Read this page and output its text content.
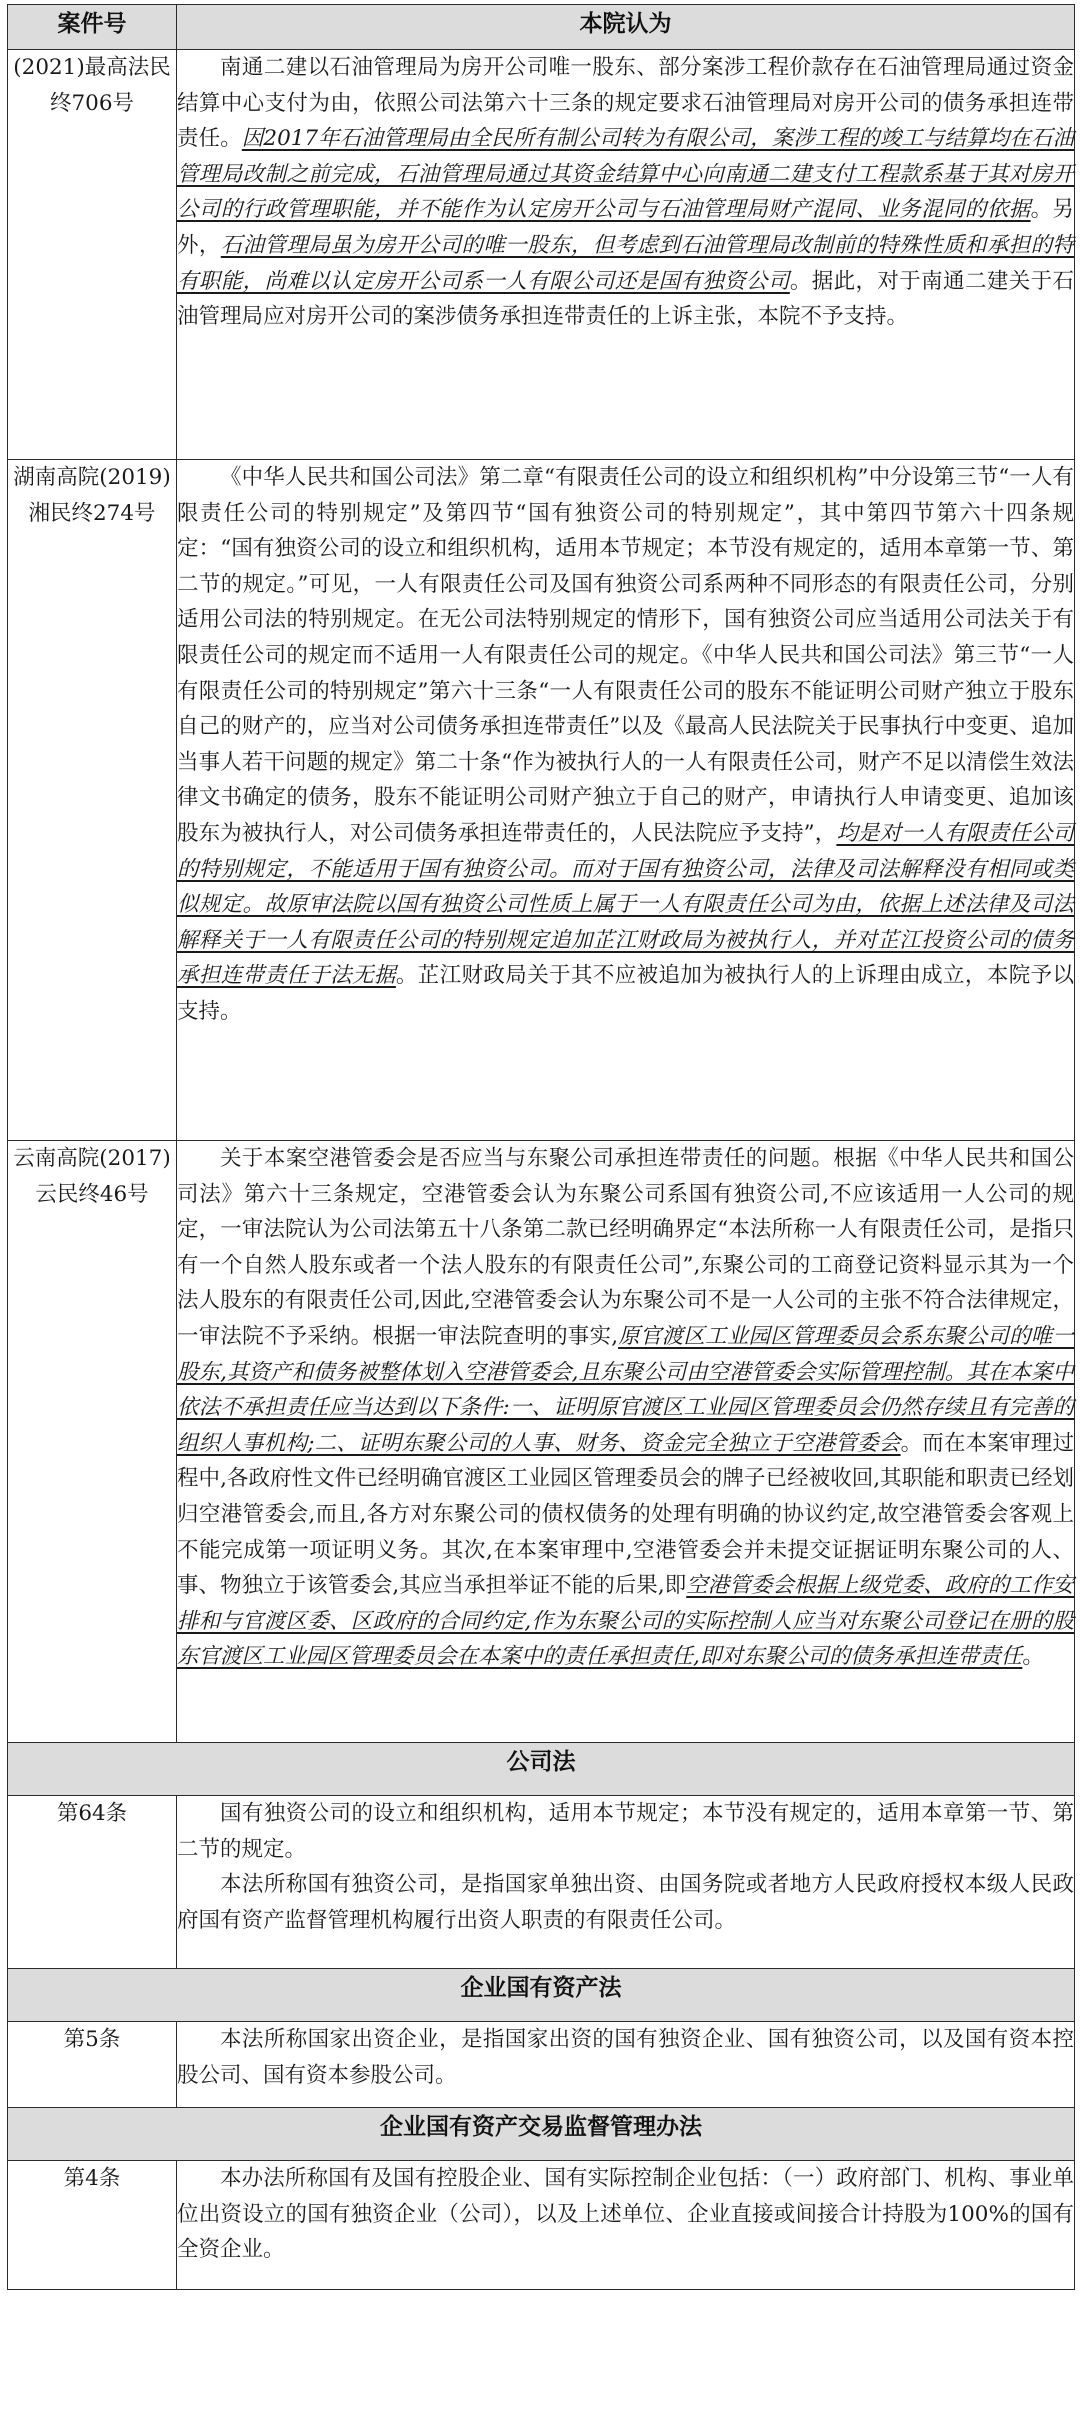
案件号	本院认为
(2021)最高法民终706号	南通二建以石油管理局为房开公司唯一股东、部分案涉工程价款存在石油管理局通过资金结算中心支付为由，依照公司法第六十三条的规定要求石油管理局对房开公司的债务承担连带责任。因2017年石油管理局由全民所有制公司转为有限公司，案涉工程的竣工与结算均在石油管理局改制之前完成，石油管理局通过其资金结算中心向南通二建支付工程款系基于其对房开公司的行政管理职能，并不能作为认定房开公司与石油管理局财产混同、业务混同的依据。另外，石油管理局虽为房开公司的唯一股东，但考虑到石油管理局改制前的特殊性质和承担的特有职能，尚难以认定房开公司系一人有限公司还是国有独资公司。据此，对于南通二建关于石油管理局应对房开公司的案涉债务承担连带责任的上诉主张，本院不予支持。

湖南高院(2019)湘民终274号	《中华人民共和国公司法》第二章“有限责任公司的设立和组织机构”中分设第三节“一人有限责任公司的特别规定”及第四节“国有独资公司的特别规定”，其中第四节第六十四条规定：“国有独资公司的设立和组织机构，适用本节规定；本节没有规定的，适用本章第一节、第二节的规定。”可见，一人有限责任公司及国有独资公司系两种不同形态的有限责任公司，分别适用公司法的特别规定。在无公司法特别规定的情形下，国有独资公司应当适用公司法关于有限责任公司的规定而不适用一人有限责任公司的规定。《中华人民共和国公司法》第三节“一人有限责任公司的特别规定”第六十三条“一人有限责任公司的股东不能证明公司财产独立于股东自己的财产的，应当对公司债务承担连带责任”以及《最高人民法院关于民事执行中变更、追加当事人若干问题的规定》第二十条“作为被执行人的一人有限责任公司，财产不足以清偿生效法律文书确定的债务，股东不能证明公司财产独立于自己的财产，申请执行人申请变更、追加该股东为被执行人，对公司债务承担连带责任的，人民法院应予支持”，均是对一人有限责任公司的特别规定，不能适用于国有独资公司。而对于国有独资公司，法律及司法解释没有相同或类似规定。故原审法院以国有独资公司性质上属于一人有限责任公司为由，依据上述法律及司法解释关于一人有限责任公司的特别规定追加芷江财政局为被执行人，并对芷江投资公司的债务承担连带责任于法无据。芷江财政局关于其不应被追加为被执行人的上诉理由成立，本院予以支持。

云南高院(2017)云民终46号	关于本案空港管委会是否应当与东聚公司承担连带责任的问题。根据《中华人民共和国公司法》第六十三条规定，空港管委会认为东聚公司系国有独资公司,不应该适用一人公司的规定，一审法院认为公司法第五十八条第二款已经明确界定“本法所称一人有限责任公司，是指只有一个自然人股东或者一个法人股东的有限责任公司”,东聚公司的工商登记资料显示其为一个法人股东的有限责任公司,因此,空港管委会认为东聚公司不是一人公司的主张不符合法律规定，一审法院不予采纳。根据一审法院查明的事实,原官渡区工业园区管理委员会系东聚公司的唯一股东,其资产和债务被整体划入空港管委会,且东聚公司由空港管委会实际管理控制。其在本案中依法不承担责任应当达到以下条件:一、证明原官渡区工业园区管理委员会仍然存续且有完善的组织人事机构;二、证明东聚公司的人事、财务、资金完全独立于空港管委会。而在本案审理过程中,各政府性文件已经明确官渡区工业园区管理委员会的牌子已经被收回,其职能和职责已经划归空港管委会,而且,各方对东聚公司的债权债务的处理有明确的协议约定,故空港管委会客观上不能完成第一项证明义务。其次,在本案审理中,空港管委会并未提交证据证明东聚公司的人、事、物独立于该管委会,其应当承担举证不能的后果,即空港管委会根据上级党委、政府的工作安排和与官渡区委、区政府的合同约定,作为东聚公司的实际控制人应当对东聚公司登记在册的股东官渡区工业园区管理委员会在本案中的责任承担责任,即对东聚公司的债务承担连带责任。

公司法	
第64条	国有独资公司的设立和组织机构，适用本节规定；本节没有规定的，适用本章第一节、第二节的规定。

本法所称国有独资公司，是指国家单独出资、由国务院或者地方人民政府授权本级人民政府国有资产监督管理机构履行出资人职责的有限责任公司。

企业国有资产法	
第5条	本法所称国家出资企业，是指国家出资的国有独资企业、国有独资公司，以及国有资本控股公司、国有资本参股公司。

企业国有资产交易监督管理办法	
第4条	本办法所称国有及国有控股企业、国有实际控制企业包括：（一）政府部门、机构、事业单位出资设立的国有独资企业（公司），以及上述单位、企业直接或间接合计持股为100%的国有全资企业。
